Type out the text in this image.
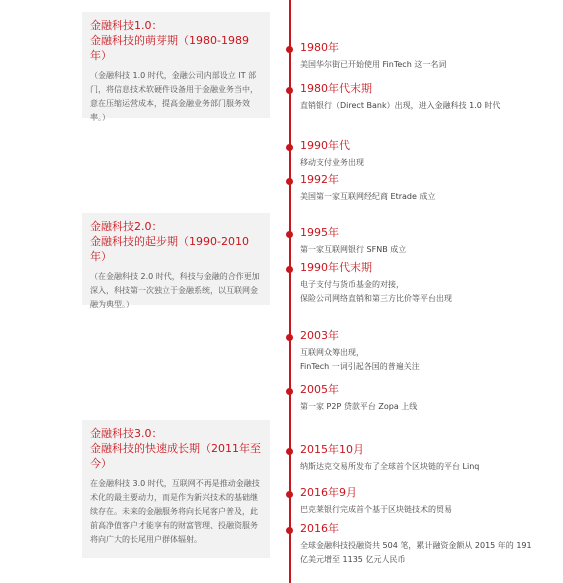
金融科技1.0：
金融科技的萌芽期（1980-1989年）

（金融科技 1.0 时代，金融公司内部设立 IT 部门，将信息技术软硬件设备用于金融业务当中，意在压缩运营成本，提高金融业务部门服务效率。）

金融科技2.0：
金融科技的起步期（1990-2010年）

（在金融科技 2.0 时代，科技与金融的合作更加深入，科技第一次独立于金融系统，以互联网金融为典型。）

金融科技3.0：
金融科技的快速成长期（2011年至今）

在金融科技 3.0 时代，互联网不再是推动金融技术化的最主要动力，而是作为新兴技术的基础继续存在。未来的金融服务将向长尾客户普及，此前高净值客户才能享有的财富管理、投融资服务将向广大的长尾用户群体辐射。

1980年

美国华尔街已开始使用 FinTech 这一名词

1980年代末期

直销银行（Direct Bank）出现，进入金融科技 1.0 时代

1990年代

移动支付业务出现

1992年

美国第一家互联网经纪商 Etrade 成立

1995年

第一家互联网银行 SFNB 成立

1990年代末期

电子支付与货币基金的对接，

保险公司网络直销和第三方比价等平台出现

2003年

互联网众筹出现，

FinTech 一词引起各国的普遍关注

2005年

第一家 P2P 贷款平台 Zopa 上线

2015年10月

纳斯达克交易所发布了全球首个区块链的平台 Linq

2016年9月

巴克莱银行完成首个基于区块链技术的贸易

2016年

全球金融科技投融资共 504 笔，累计融资金额从 2015 年的 191

亿美元增至 1135 亿元人民币
